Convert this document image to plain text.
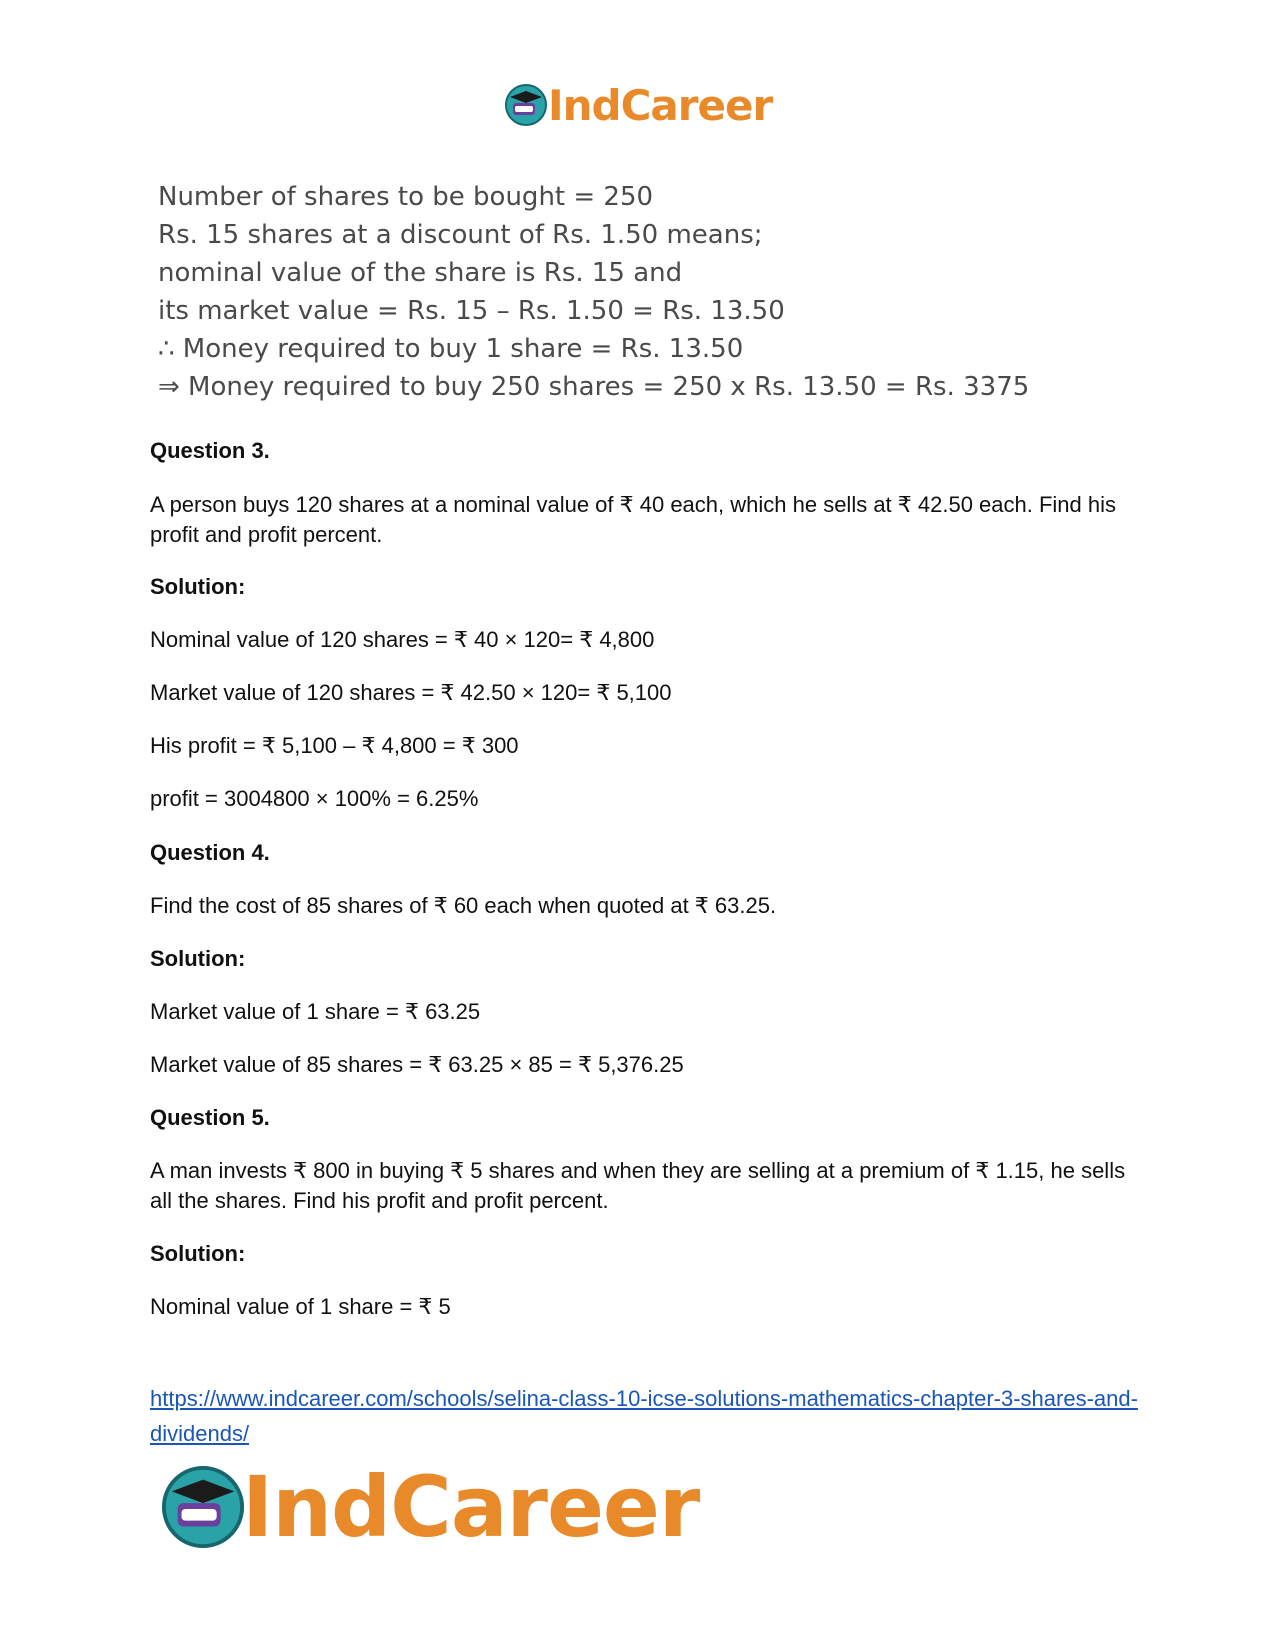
IndCareer
Number of shares to be bought = 250
Rs. 15 shares at a discount of Rs. 1.50 means;
nominal value of the share is Rs. 15 and
its market value = Rs. 15 – Rs. 1.50 = Rs. 13.50
∴ Money required to buy 1 share = Rs. 13.50
⇒ Money required to buy 250 shares = 250 x Rs. 13.50 = Rs. 3375

Question 3.

A person buys 120 shares at a nominal value of ₹ 40 each, which he sells at ₹ 42.50 each. Find his profit and profit percent.

Solution:

Nominal value of 120 shares = ₹ 40 × 120= ₹ 4,800

Market value of 120 shares = ₹ 42.50 × 120= ₹ 5,100

His profit = ₹ 5,100 – ₹ 4,800 = ₹ 300

profit = 3004800 × 100% = 6.25%

Question 4.

Find the cost of 85 shares of ₹ 60 each when quoted at ₹ 63.25.

Solution:

Market value of 1 share = ₹ 63.25

Market value of 85 shares = ₹ 63.25 × 85 = ₹ 5,376.25

Question 5.

A man invests ₹ 800 in buying ₹ 5 shares and when they are selling at a premium of ₹ 1.15, he sells all the shares. Find his profit and profit percent.

Solution:

Nominal value of 1 share = ₹ 5

https://www.indcareer.com/schools/selina-class-10-icse-solutions-mathematics-chapter-3-shares-and-dividends/
IndCareer
